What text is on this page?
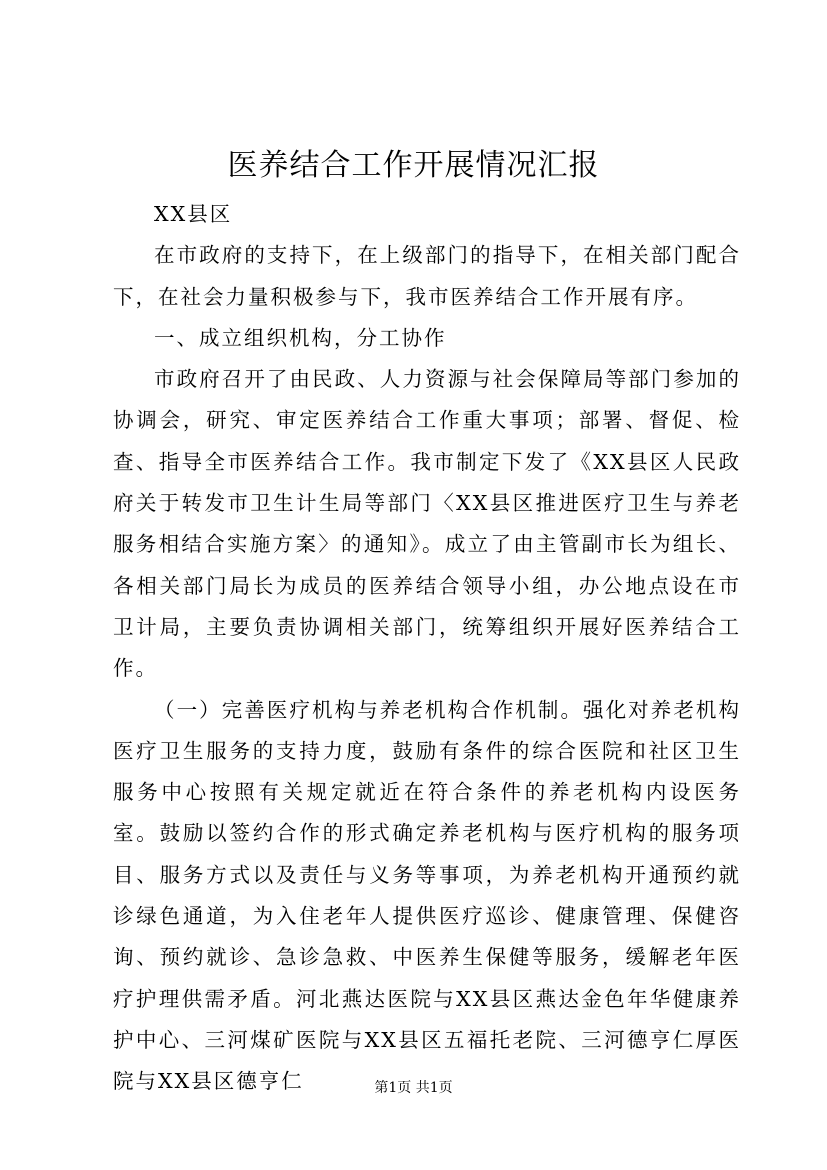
医养结合工作开展情况汇报

XX县区

在市政府的支持下，在上级部门的指导下，在相关部门配合下，在社会力量积极参与下，我市医养结合工作开展有序。

一、成立组织机构，分工协作

市政府召开了由民政、人力资源与社会保障局等部门参加的协调会，研究、审定医养结合工作重大事项；部署、督促、检查、指导全市医养结合工作。我市制定下发了《XX县区人民政府关于转发市卫生计生局等部门〈XX县区推进医疗卫生与养老服务相结合实施方案〉的通知》。成立了由主管副市长为组长、各相关部门局长为成员的医养结合领导小组，办公地点设在市卫计局，主要负责协调相关部门，统筹组织开展好医养结合工作。

（一）完善医疗机构与养老机构合作机制。强化对养老机构医疗卫生服务的支持力度，鼓励有条件的综合医院和社区卫生服务中心按照有关规定就近在符合条件的养老机构内设医务室。鼓励以签约合作的形式确定养老机构与医疗机构的服务项目、服务方式以及责任与义务等事项，为养老机构开通预约就诊绿色通道，为入住老年人提供医疗巡诊、健康管理、保健咨询、预约就诊、急诊急救、中医养生保健等服务，缓解老年医疗护理供需矛盾。河北燕达医院与XX县区燕达金色年华健康养护中心、三河煤矿医院与XX县区五福托老院、三河德亨仁厚医院与XX县区德亨仁	第1页 共1页
